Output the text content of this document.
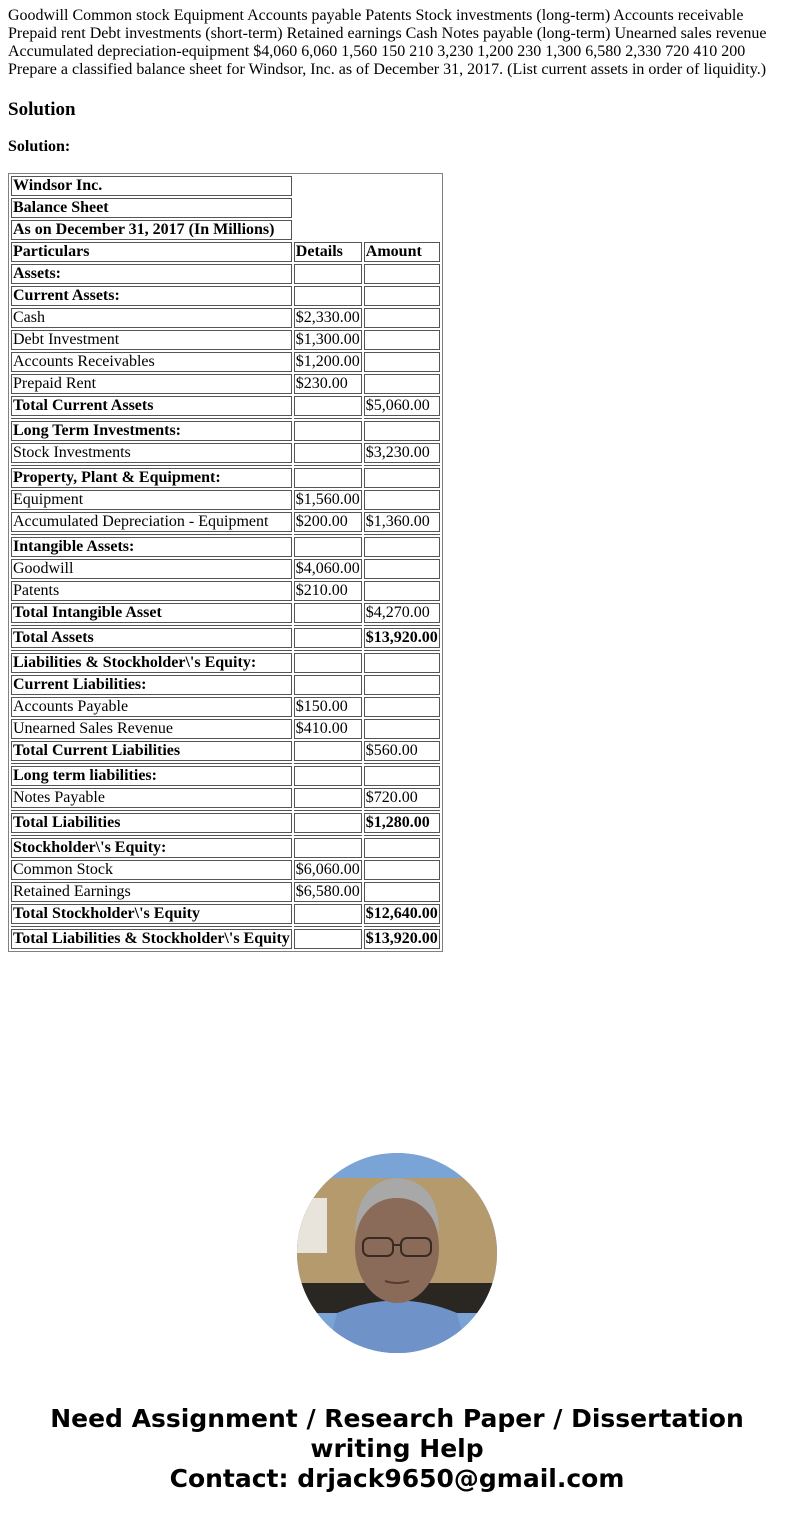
Goodwill Common stock Equipment Accounts payable Patents Stock investments (long-term) Accounts receivable Prepaid rent Debt investments (short-term) Retained earnings Cash Notes payable (long-term) Unearned sales revenue Accumulated depreciation-equipment $4,060 6,060 1,560 150 210 3,230 1,200 230 1,300 6,580 2,330 720 410 200 Prepare a classified balance sheet for Windsor, Inc. as of December 31, 2017. (List current assets in order of liquidity.)
Solution

Solution:

Windsor Inc.		
Balance Sheet		
As on December 31, 2017 (In Millions)		
Particulars	Details	Amount
Assets:		
Current Assets:		
Cash	$2,330.00	
Debt Investment	$1,300.00	
Accounts Receivables	$1,200.00	
Prepaid Rent	$230.00	
Total Current Assets		$5,060.00

Long Term Investments:		
Stock Investments		$3,230.00

Property, Plant & Equipment:		
Equipment	$1,560.00	
Accumulated Depreciation - Equipment	$200.00	$1,360.00

Intangible Assets:		
Goodwill	$4,060.00	
Patents	$210.00	
Total Intangible Asset		$4,270.00

Total Assets		$13,920.00

Liabilities & Stockholder\'s Equity:		
Current Liabilities:		
Accounts Payable	$150.00	
Unearned Sales Revenue	$410.00	
Total Current Liabilities		$560.00

Long term liabilities:		
Notes Payable		$720.00

Total Liabilities		$1,280.00

Stockholder\'s Equity:		
Common Stock	$6,060.00	
Retained Earnings	$6,580.00	
Total Stockholder\'s Equity		$12,640.00

Total Liabilities & Stockholder\'s Equity		$13,920.00
Need Assignment / Research Paper / Dissertation
writing Help
Contact: drjack9650@gmail.com
